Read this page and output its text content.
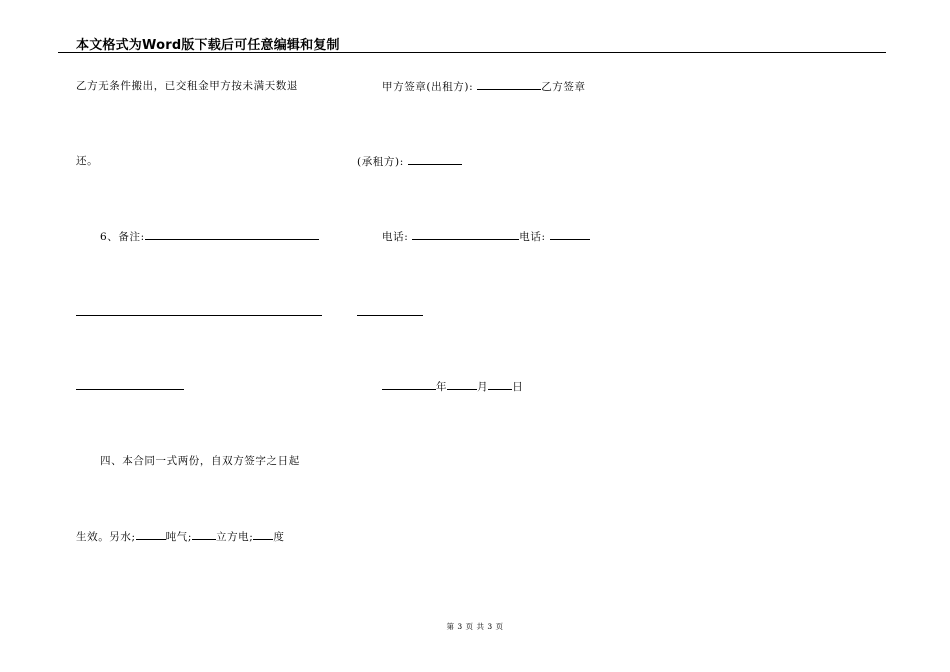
本文格式为Word版下载后可任意编辑和复制
乙方无条件搬出，已交租金甲方按未满天数退
还。
6、备注:
四、本合同一式两份，自双方签字之日起
生效。另水;	吨气; 立方电; 度
甲方签章(出租方):	乙方签章
(承租方):
电话:	电话:
年	月 日
第 3 页 共 3 页
